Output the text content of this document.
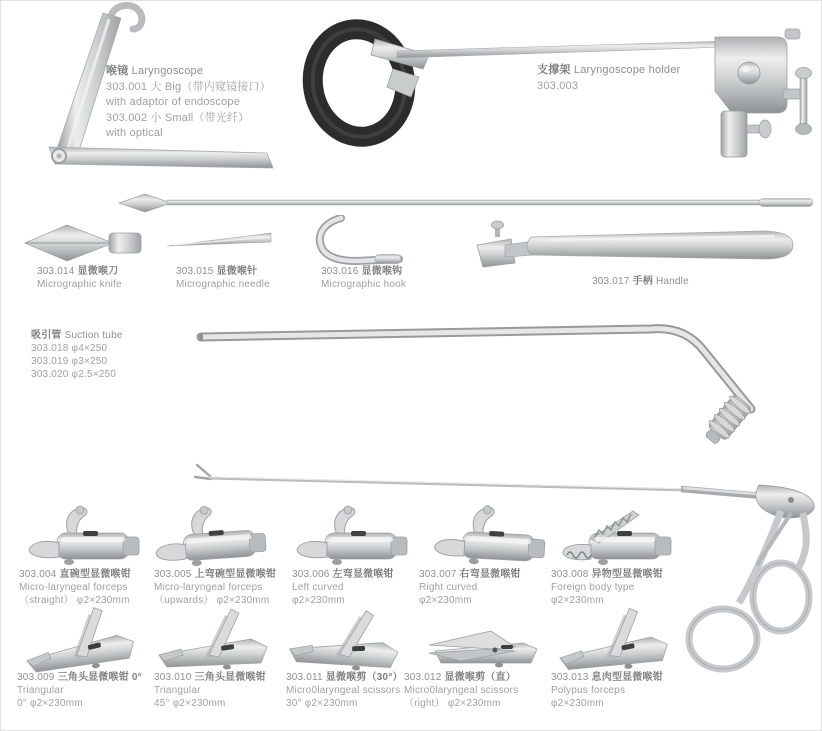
喉镜 Laryngoscope
303.001 大 Big（带内窥镜接口）
with adaptor of endoscope
303.002 小 Small（带光纤）
with optical
支撑架 Laryngoscope holder
303.003
303.014 显微喉刀
Micrographic knife
303.015 显微喉针
Micrographic needle
303.016 显微喉钩
Micrographic hook	303.017 手柄 Handle
吸引管 Suction tube
303.018 φ4×250
303.019 φ3×250
303.020 φ2.5×250
303.004 直碗型显微喉钳
Micro-laryngeal forceps
（straight） φ2×230mm
303.005 上弯碗型显微喉钳
Micro-laryngeal forceps
（upwards） φ2×230mm
303.006 左弯显微喉钳
Left curved
φ2×230mm
303.007 右弯显微喉钳
Right curved
φ2×230mm
303.008 异物型显微喉钳
Foreign body type
φ2×230mm
303.009 三角头显微喉钳 0°
Triangular
0° φ2×230mm
303.010 三角头显微喉钳
Triangular
45° φ2×230mm
303.011 显微喉剪（30°）
Micro0laryngeal scissors
30° φ2×230mm
303.012 显微喉剪（直）
Micro0laryngeal scissors
（right） φ2×230mm
303.013 息肉型显微喉钳
Polypus forceps
φ2×230mm
